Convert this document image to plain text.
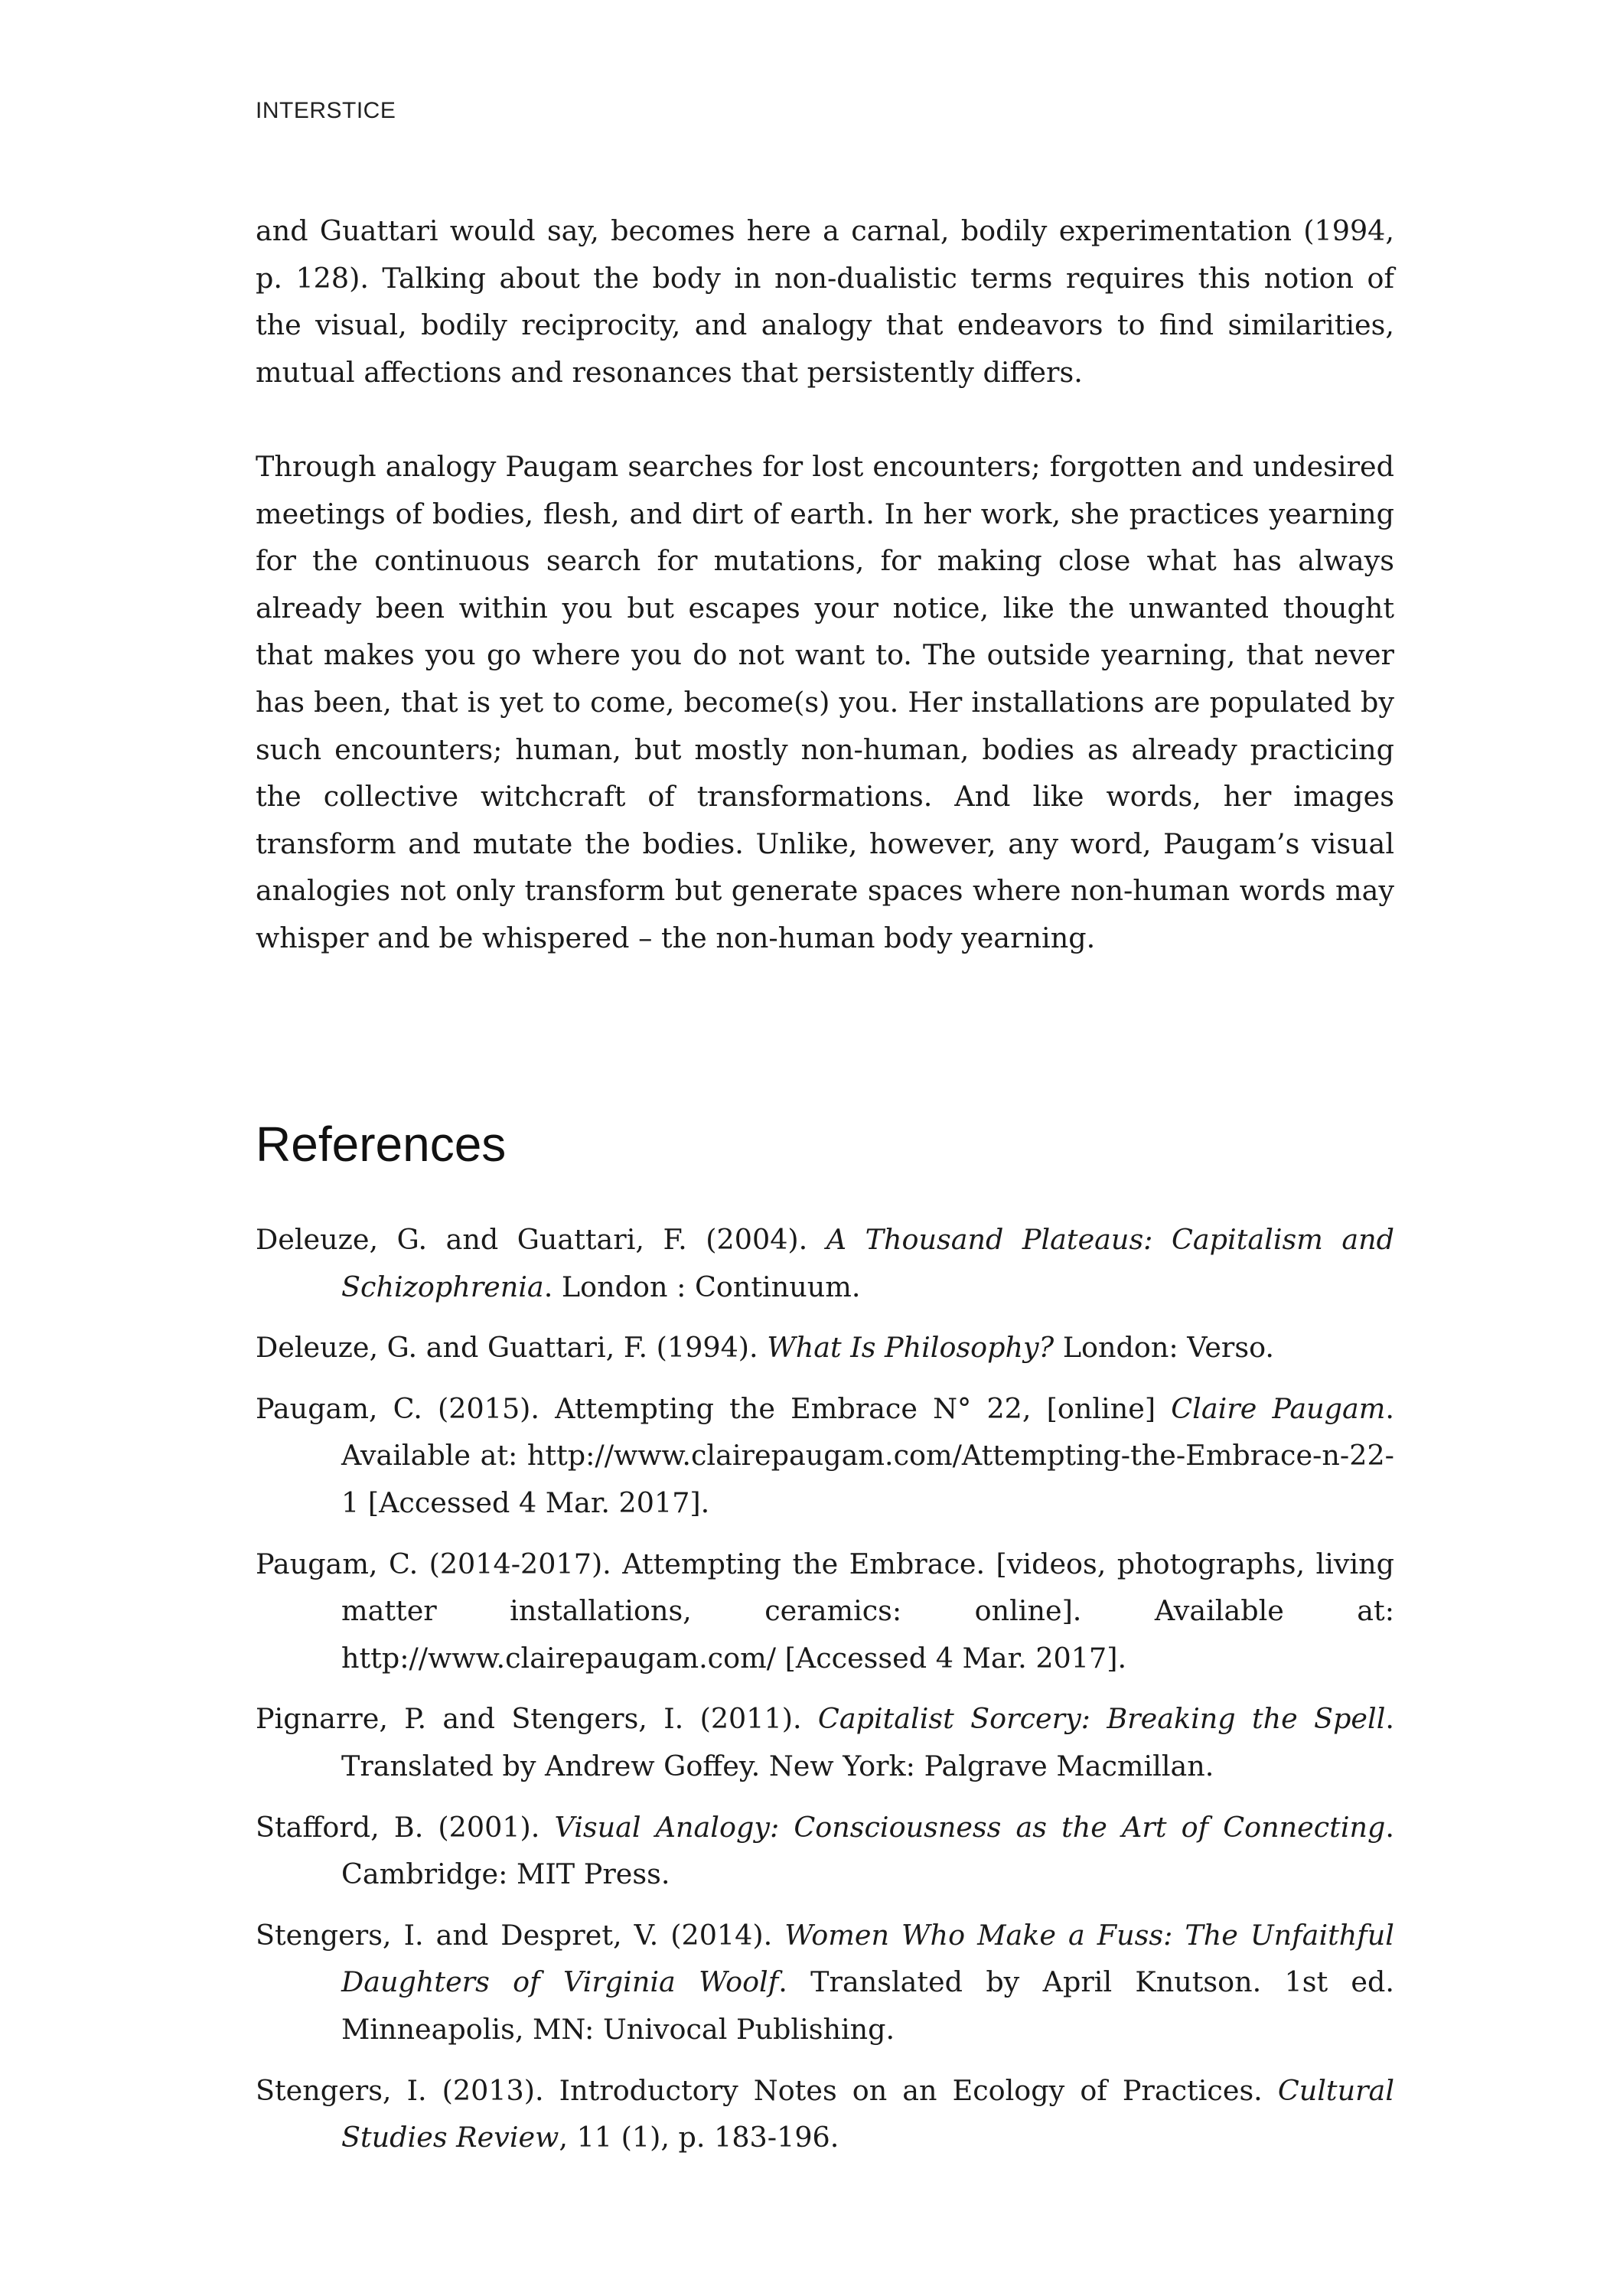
INTERSTICE

and Guattari would say, becomes here a carnal, bodily experimentation (1994, p. 128). Talking about the body in non-dualistic terms requires this notion of the visual, bodily reciprocity, and analogy that endeavors to find similarities, mutual affections and resonances that persistently differs.

Through analogy Paugam searches for lost encounters; forgotten and undesired meetings of bodies, flesh, and dirt of earth. In her work, she practices yearning for the continuous search for mutations, for making close what has always already been within you but escapes your notice, like the unwanted thought that makes you go where you do not want to. The outside yearning, that never has been, that is yet to come, become(s) you. Her installations are populated by such encounters; human, but mostly non-human, bodies as already practicing the collective witchcraft of transformations. And like words, her images transform and mutate the bodies. Unlike, however, any word, Paugam’s visual analogies not only transform but generate spaces where non-human words may whisper and be whispered – the non-human body yearning.

References
Deleuze, G. and Guattari, F. (2004). A Thousand Plateaus: Capitalism and Schizophrenia. London : Continuum.
Deleuze, G. and Guattari, F. (1994). What Is Philosophy? London: Verso.
Paugam, C. (2015). Attempting the Embrace N° 22, [online] Claire Paugam. Available at: http://www.clairepaugam.com/Attempting-the-Embrace-n-22-1 [Accessed 4 Mar. 2017].
Paugam, C. (2014-2017). Attempting the Embrace. [videos, photographs, living matter installations, ceramics: online]. Available at: http://www.clairepaugam.com/ [Accessed 4 Mar. 2017].
Pignarre, P. and Stengers, I. (2011). Capitalist Sorcery: Breaking the Spell. Translated by Andrew Goffey. New York: Palgrave Macmillan.
Stafford, B. (2001). Visual Analogy: Consciousness as the Art of Connecting. Cambridge: MIT Press.
Stengers, I. and Despret, V. (2014). Women Who Make a Fuss: The Unfaithful Daughters of Virginia Woolf. Translated by April Knutson. 1st ed. Minneapolis, MN: Univocal Publishing.
Stengers, I. (2013). Introductory Notes on an Ecology of Practices. Cultural Studies Review, 11 (1), p. 183-196.
